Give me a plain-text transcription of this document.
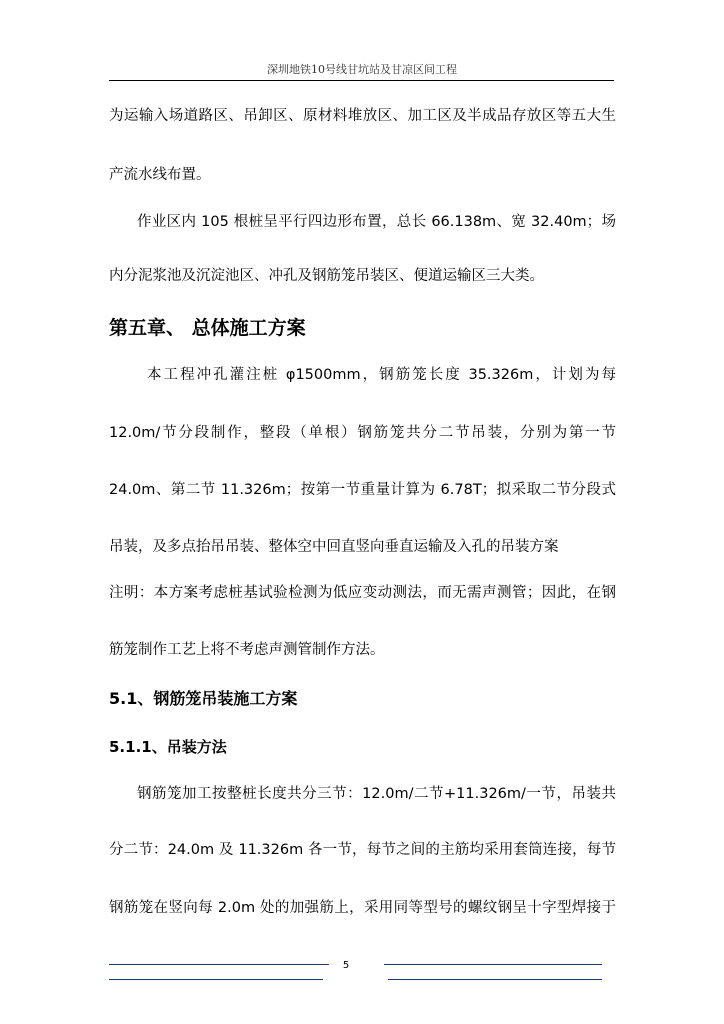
深圳地铁10号线甘坑站及甘凉区间工程
为运输入场道路区、吊卸区、原材料堆放区、加工区及半成品存放区等五大生
产流水线布置。
作业区内 105 根桩呈平行四边形布置，总长 66.138m、宽 32.40m；场
内分泥浆池及沉淀池区、冲孔及钢筋笼吊装区、便道运输区三大类。
第五章、 总体施工方案
本工程冲孔灌注桩 φ1500mm，钢筋笼长度 35.326m，计划为每
12.0m/节分段制作，整段（单根）钢筋笼共分二节吊装，分别为第一节
24.0m、第二节 11.326m；按第一节重量计算为 6.78T；拟采取二节分段式
吊装，及多点抬吊吊装、整体空中回直竖向垂直运输及入孔的吊装方案
注明：本方案考虑桩基试验检测为低应变动测法，而无需声测管；因此，在钢
筋笼制作工艺上将不考虑声测管制作方法。
5.1、钢筋笼吊装施工方案
5.1.1、吊装方法
钢筋笼加工按整桩长度共分三节：12.0m/二节+11.326m/一节，吊装共
分二节：24.0m 及 11.326m 各一节，每节之间的主筋均采用套筒连接，每节
钢筋笼在竖向每 2.0m 处的加强筋上，采用同等型号的螺纹钢呈十字型焊接于
5
